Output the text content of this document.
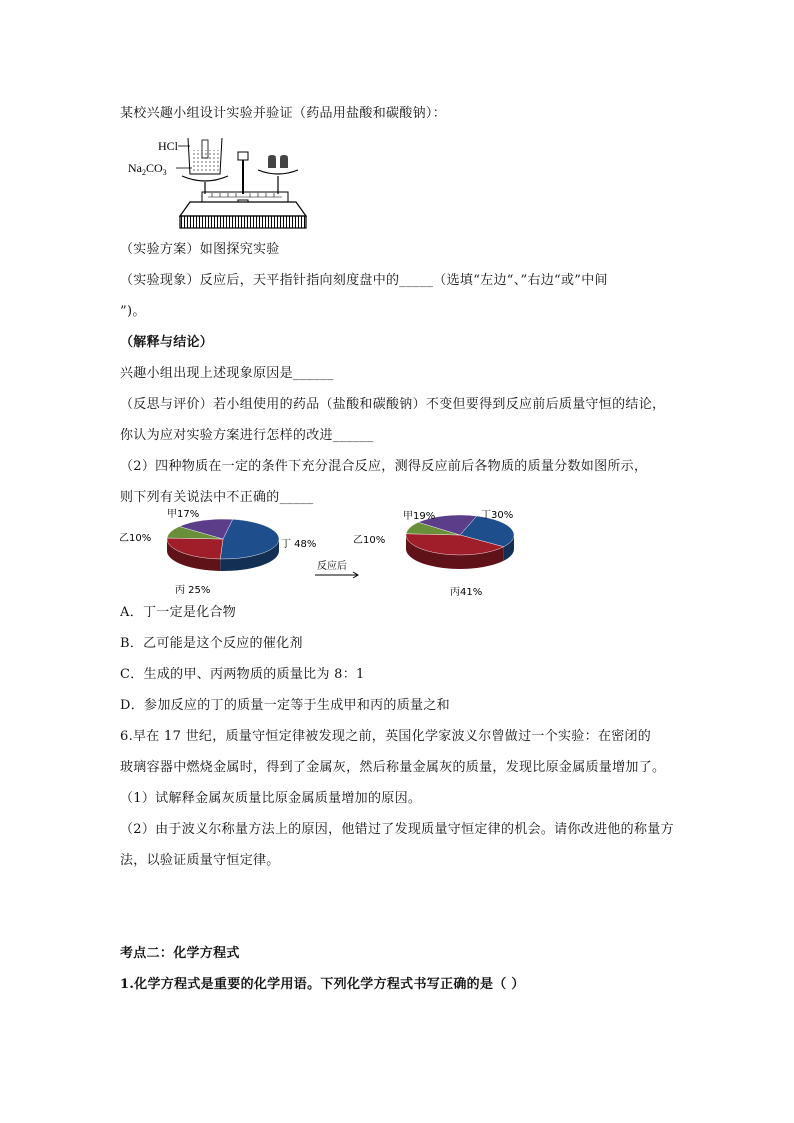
某校兴趣小组设计实验并验证（药品用盐酸和碳酸钠）：
HCl
$Na_2CO_3$
（实验方案）如图探究实验
（实验现象）反应后，天平指针指向刻度盘中的_____（选填“左边“、”右边“或”中间
”)。
（解释与结论）
兴趣小组出现上述现象原因是______
（反思与评价）若小组使用的药品（盐酸和碳酸钠）不变但要得到反应前后质量守恒的结论，
你认为应对实验方案进行怎样的改进______
（2）四种物质在一定的条件下充分混合反应，测得反应前后各物质的质量分数如图所示，
则下列有关说法中不正确的_____
反应后
丁 48%
丙 25%
乙10%
甲17%	丁30%
丙41%
乙10%
甲19%
A．丁一定是化合物
B．乙可能是这个反应的催化剂
C．生成的甲、丙两物质的质量比为 8：1
D．参加反应的丁的质量一定等于生成甲和丙的质量之和
6.早在 17 世纪，质量守恒定律被发现之前，英国化学家波义尔曾做过一个实验：在密闭的
玻璃容器中燃烧金属时，得到了金属灰，然后称量金属灰的质量，发现比原金属质量增加了。
（1）试解释金属灰质量比原金属质量增加的原因。
（2）由于波义尔称量方法上的原因，他错过了发现质量守恒定律的机会。请你改进他的称量方
法，以验证质量守恒定律。
考点二：化学方程式
1.化学方程式是重要的化学用语。下列化学方程式书写正确的是（ ）
